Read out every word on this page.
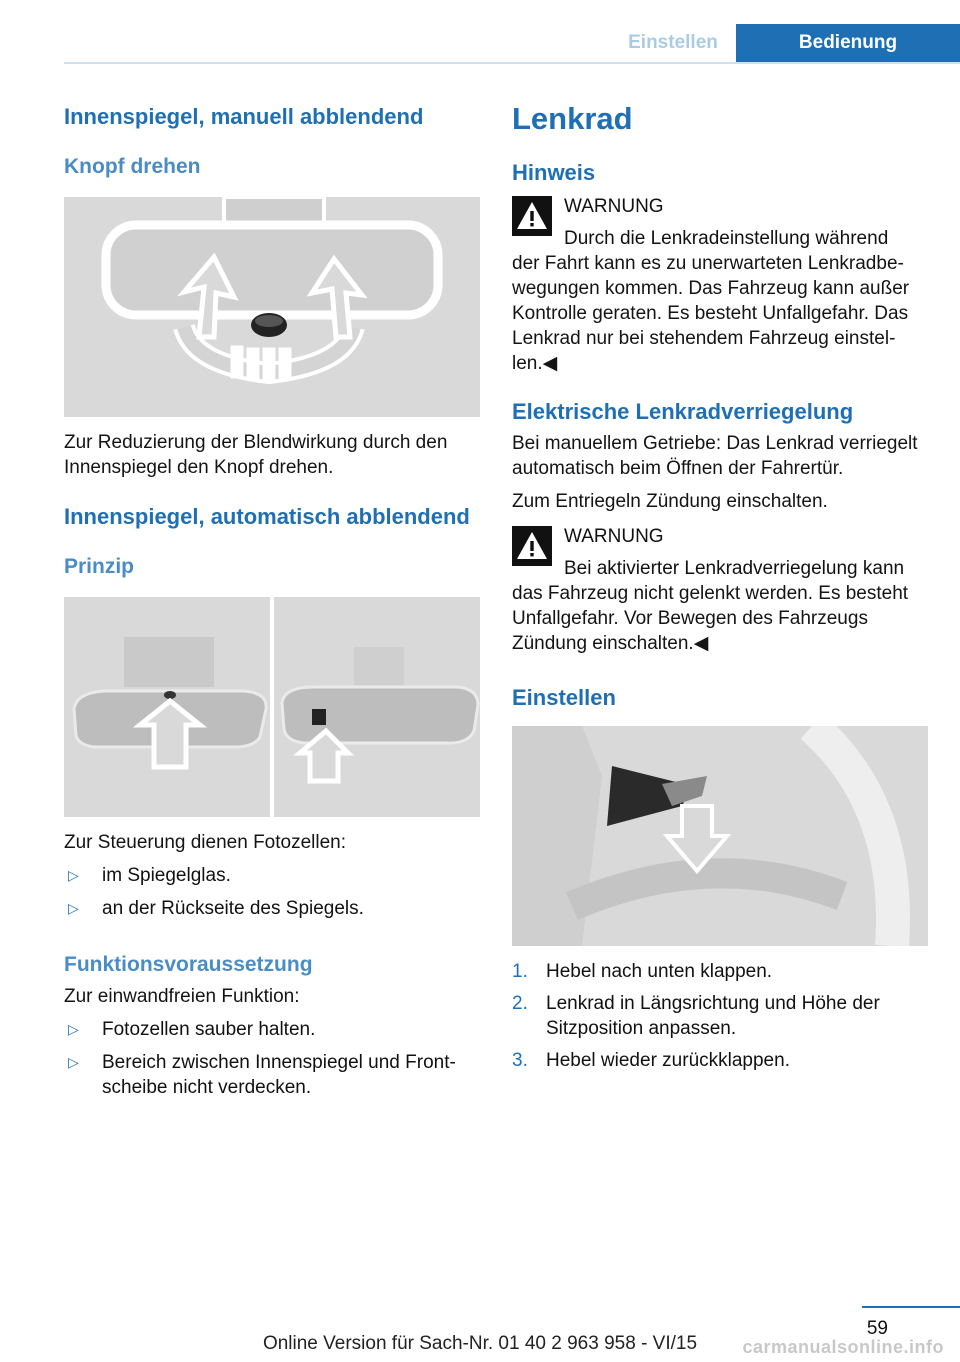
Einstellen	Bedienung
Innenspiegel, manuell abblendend
Knopf drehen

Zur Reduzierung der Blendwirkung durch den Innenspiegel den Knopf drehen.

Innenspiegel, automatisch abblendend
Prinzip

Zur Steuerung dienen Fotozellen:

▷	im Spiegelglas.
▷	an der Rückseite des Spiegels.
Funktionsvoraussetzung

Zur einwandfreien Funktion:

▷	Fotozellen sauber halten.
▷	Bereich zwischen Innenspiegel und Frontscheibe nicht verdecken.
Lenkrad
Hinweis
WARNUNG
Durch die Lenkradeinstellung während

der Fahrt kann es zu unerwarteten Lenkradbewegungen kommen. Das Fahrzeug kann außer Kontrolle geraten. Es besteht Unfallgefahr. Das Lenkrad nur bei stehendem Fahrzeug einstellen.◀

Elektrische Lenkradverriegelung

Bei manuellem Getriebe: Das Lenkrad verriegelt automatisch beim Öffnen der Fahrertür.

Zum Entriegeln Zündung einschalten.

WARNUNG
Bei aktivierter Lenkradverriegelung kann

das Fahrzeug nicht gelenkt werden. Es besteht Unfallgefahr. Vor Bewegen des Fahrzeugs Zündung einschalten.◀

Einstellen
1. Hebel nach unten klappen.
2. Lenkrad in Längsrichtung und Höhe der Sitzposition anpassen.
3. Hebel wieder zurückklappen.
59
Online Version für Sach-Nr. 01 40 2 963 958 - VI/15	carmanualsonline.info
